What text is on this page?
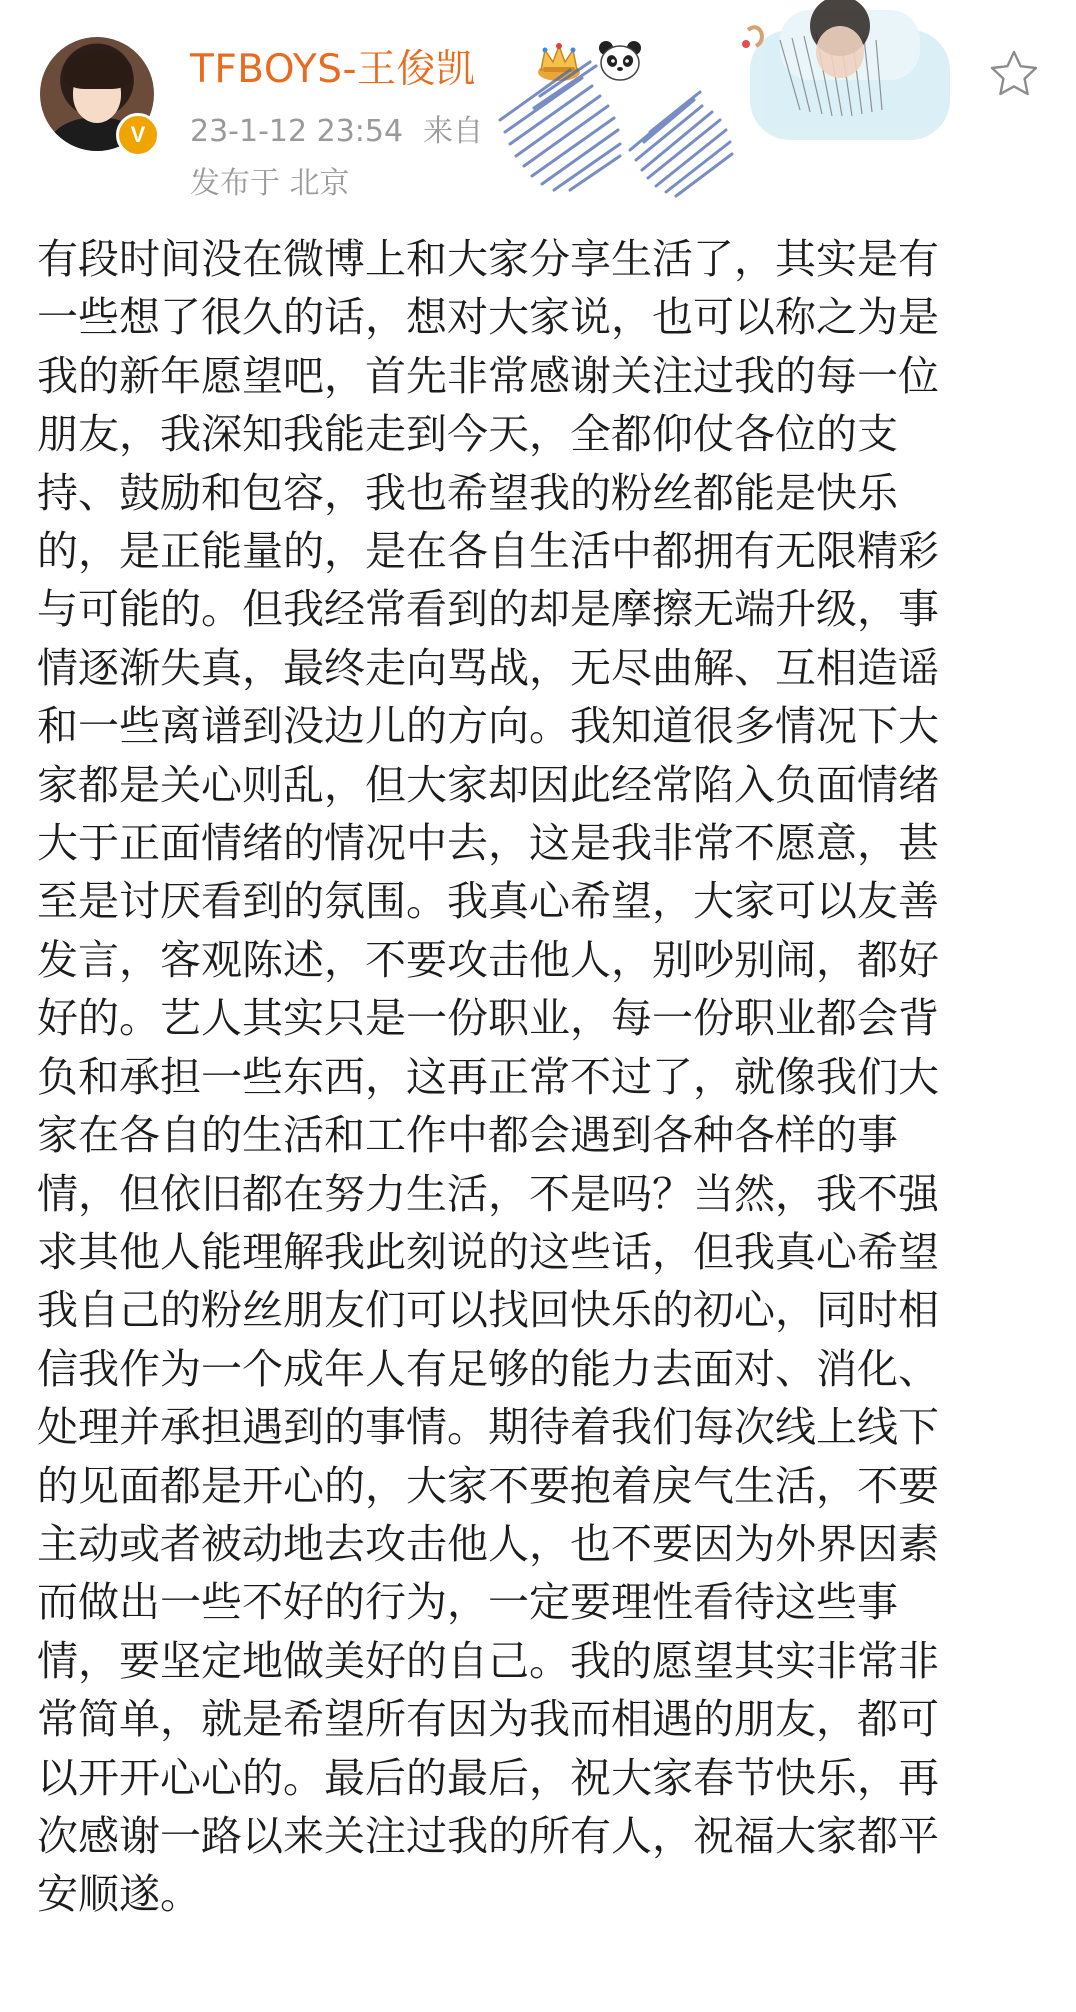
V
TFBOYS-王俊凯
23-1-12 23:54 来自
发布于 北京
有段时间没在微博上和大家分享生活了，其实是有
一些想了很久的话，想对大家说，也可以称之为是
我的新年愿望吧，首先非常感谢关注过我的每一位
朋友，我深知我能走到今天，全都仰仗各位的支
持、鼓励和包容，我也希望我的粉丝都能是快乐
的，是正能量的，是在各自生活中都拥有无限精彩
与可能的。但我经常看到的却是摩擦无端升级，事
情逐渐失真，最终走向骂战，无尽曲解、互相造谣
和一些离谱到没边儿的方向。我知道很多情况下大
家都是关心则乱，但大家却因此经常陷入负面情绪
大于正面情绪的情况中去，这是我非常不愿意，甚
至是讨厌看到的氛围。我真心希望，大家可以友善
发言，客观陈述，不要攻击他人，别吵别闹，都好
好的。艺人其实只是一份职业，每一份职业都会背
负和承担一些东西，这再正常不过了，就像我们大
家在各自的生活和工作中都会遇到各种各样的事
情，但依旧都在努力生活，不是吗？当然，我不强
求其他人能理解我此刻说的这些话，但我真心希望
我自己的粉丝朋友们可以找回快乐的初心，同时相
信我作为一个成年人有足够的能力去面对、消化、
处理并承担遇到的事情。期待着我们每次线上线下
的见面都是开心的，大家不要抱着戾气生活，不要
主动或者被动地去攻击他人，也不要因为外界因素
而做出一些不好的行为，一定要理性看待这些事
情，要坚定地做美好的自己。我的愿望其实非常非
常简单，就是希望所有因为我而相遇的朋友，都可
以开开心心的。最后的最后，祝大家春节快乐，再
次感谢一路以来关注过我的所有人，祝福大家都平
安顺遂。
